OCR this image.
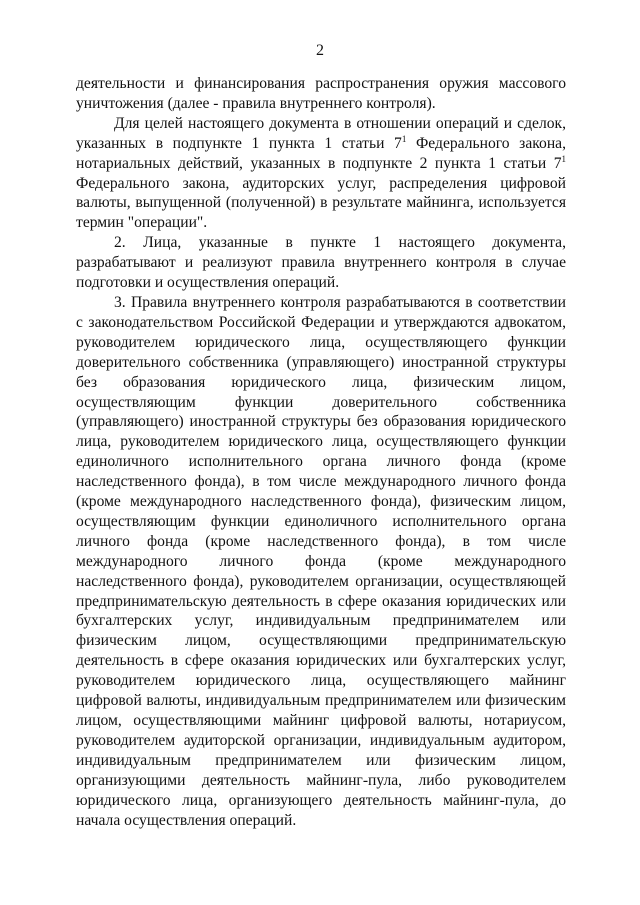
2

деятельности и финансирования распространения оружия массового уничтожения (далее - правила внутреннего контроля).

Для целей настоящего документа в отношении операций и сделок, указанных в подпункте 1 пункта 1 статьи $7^1$ Федерального закона, нотариальных действий, указанных в подпункте 2 пункта 1 статьи $7^1$ Федерального закона, аудиторских услуг, распределения цифровой валюты, выпущенной (полученной) в результате майнинга, используется термин "операции".

2. Лица, указанные в пункте 1 настоящего документа, разрабатывают и реализуют правила внутреннего контроля в случае подготовки и осуществления операций.

3. Правила внутреннего контроля разрабатываются в соответствии с законодательством Российской Федерации и утверждаются адвокатом, руководителем юридического лица, осуществляющего функции доверительного собственника (управляющего) иностранной структуры без образования юридического лица, физическим лицом, осуществляющим функции доверительного собственника (управляющего) иностранной структуры без образования юридического лица, руководителем юридического лица, осуществляющего функции единоличного исполнительного органа личного фонда (кроме наследственного фонда), в том числе международного личного фонда (кроме международного наследственного фонда), физическим лицом, осуществляющим функции единоличного исполнительного органа личного фонда (кроме наследственного фонда), в том числе международного личного фонда (кроме международного наследственного фонда), руководителем организации, осуществляющей предпринимательскую деятельность в сфере оказания юридических или бухгалтерских услуг, индивидуальным предпринимателем или физическим лицом, осуществляющими предпринимательскую деятельность в сфере оказания юридических или бухгалтерских услуг, руководителем юридического лица, осуществляющего майнинг цифровой валюты, индивидуальным предпринимателем или физическим лицом, осуществляющими майнинг цифровой валюты, нотариусом, руководителем аудиторской организации, индивидуальным аудитором, индивидуальным предпринимателем или физическим лицом, организующими деятельность майнинг-пула, либо руководителем юридического лица, организующего деятельность майнинг-пула, до начала осуществления операций.
